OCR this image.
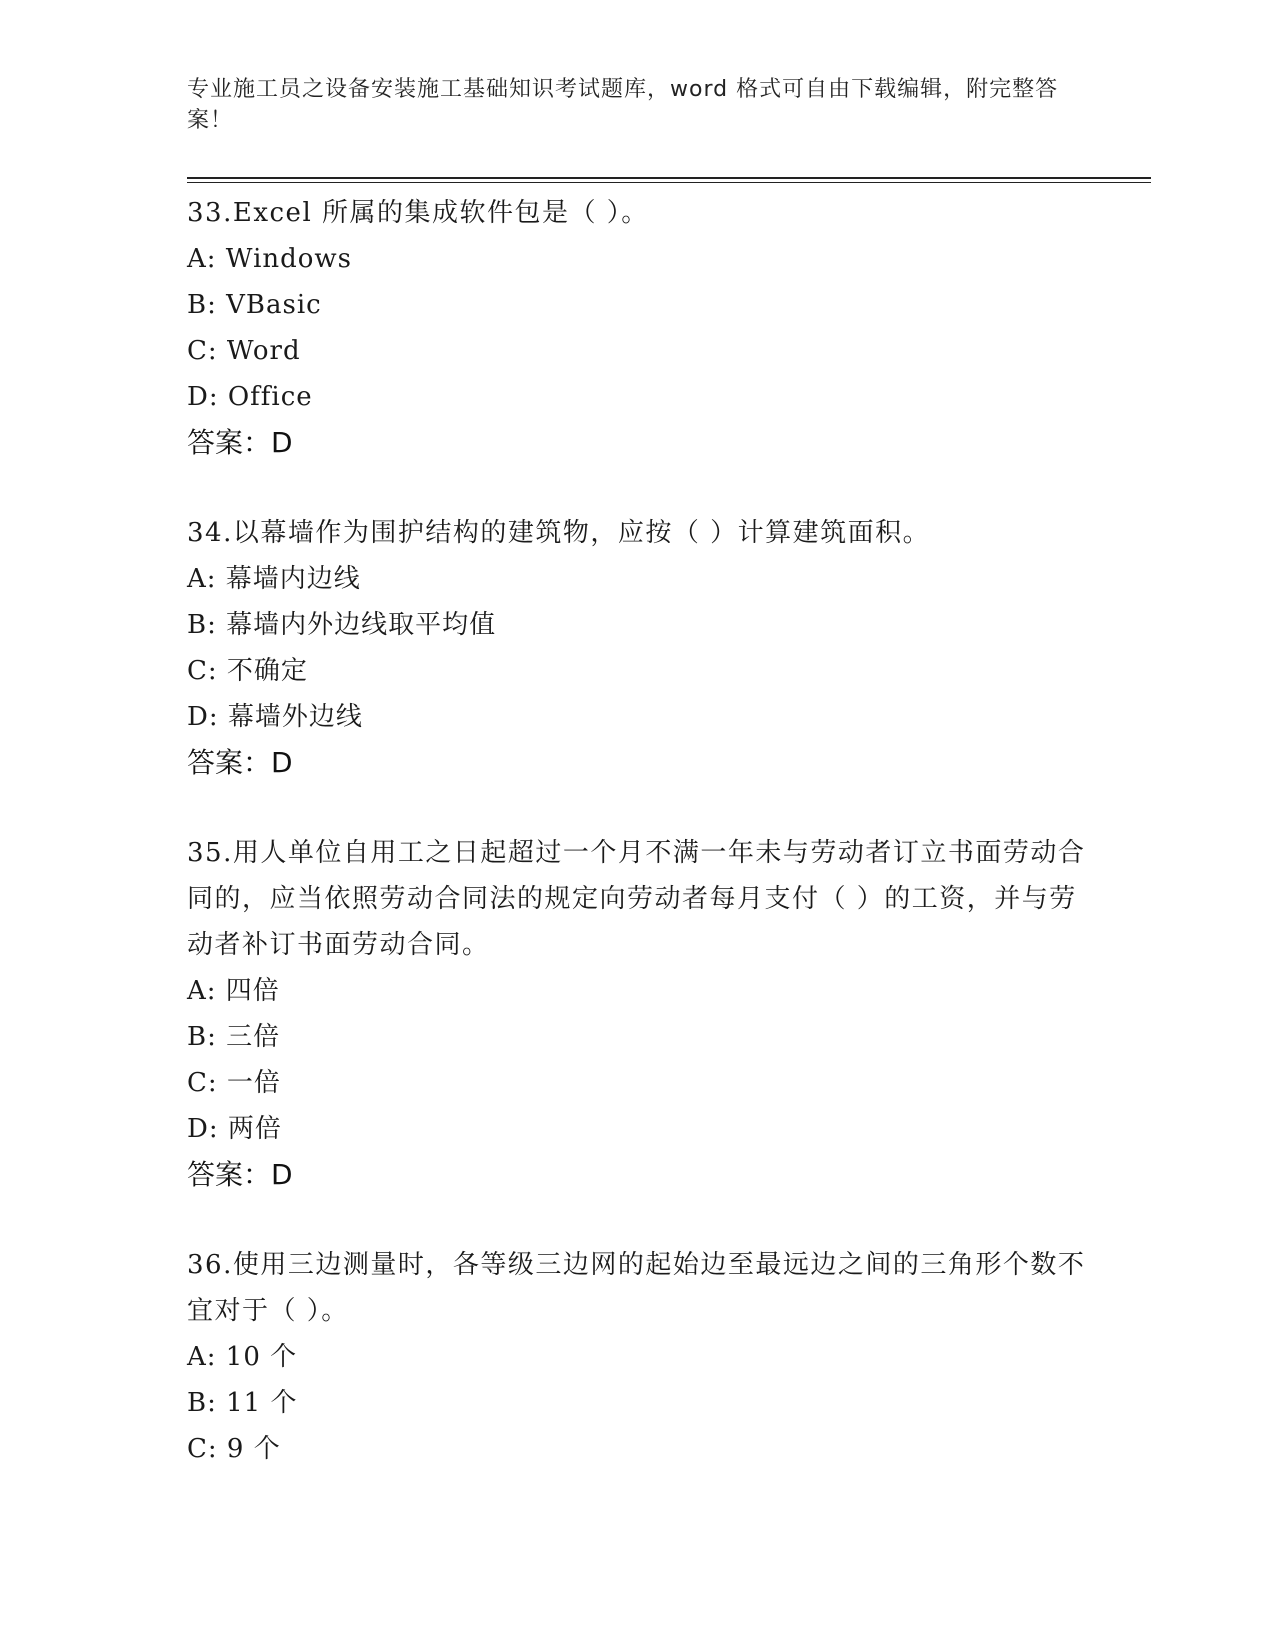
专业施工员之设备安装施工基础知识考试题库，word 格式可自由下载编辑，附完整答案！

33.Excel 所属的集成软件包是（ ）。

A: Windows

B: VBasic

C: Word

D: Office

答案：D

34.以幕墙作为围护结构的建筑物，应按（ ）计算建筑面积。

A: 幕墙内边线

B: 幕墙内外边线取平均值

C: 不确定

D: 幕墙外边线

答案：D

35.用人单位自用工之日起超过一个月不满一年未与劳动者订立书面劳动合同的，应当依照劳动合同法的规定向劳动者每月支付（ ）的工资，并与劳动者补订书面劳动合同。

A: 四倍

B: 三倍

C: 一倍

D: 两倍

答案：D

36.使用三边测量时，各等级三边网的起始边至最远边之间的三角形个数不宜对于（ ）。

A: 10 个

B: 11 个

C: 9 个
